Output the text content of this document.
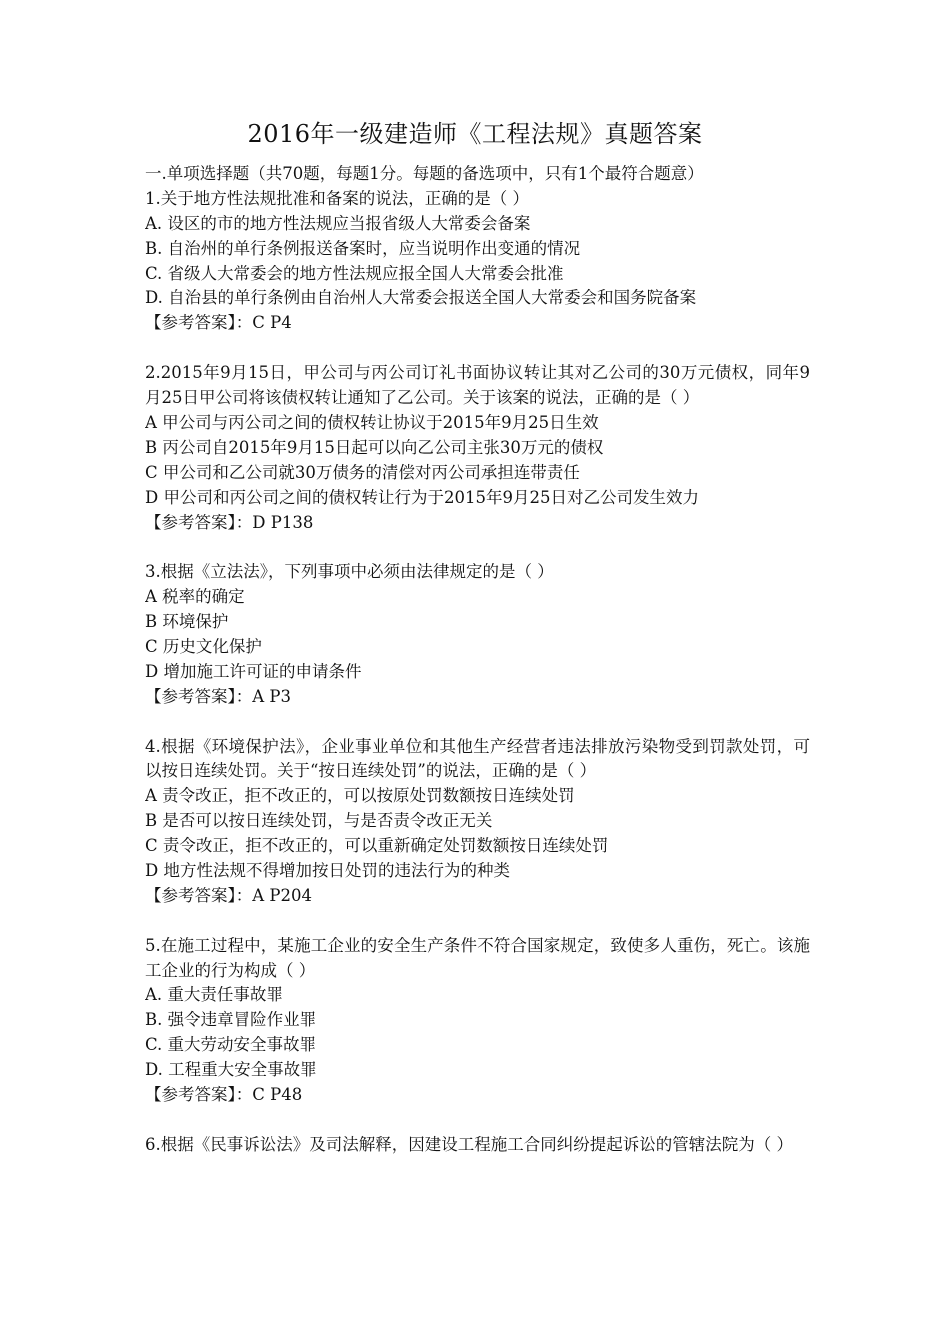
2016年一级建造师《工程法规》真题答案
一.单项选择题（共70题，每题1分。每题的备选项中，只有1个最符合题意）
1.关于地方性法规批准和备案的说法，正确的是（ ）
A. 设区的市的地方性法规应当报省级人大常委会备案
B. 自治州的单行条例报送备案时，应当说明作出变通的情况
C. 省级人大常委会的地方性法规应报全国人大常委会批准
D. 自治县的单行条例由自治州人大常委会报送全国人大常委会和国务院备案
【参考答案】：C P4
2.2015年9月15日，甲公司与丙公司订礼书面协议转让其对乙公司的30万元债权，同年9月25日甲公司将该债权转让通知了乙公司。关于该案的说法，正确的是（ ）
A 甲公司与丙公司之间的债权转让协议于2015年9月25日生效
B 丙公司自2015年9月15日起可以向乙公司主张30万元的债权
C 甲公司和乙公司就30万债务的清偿对丙公司承担连带责任
D 甲公司和丙公司之间的债权转让行为于2015年9月25日对乙公司发生效力
【参考答案】：D P138
3.根据《立法法》，下列事项中必须由法律规定的是（ ）
A 税率的确定
B 环境保护
C 历史文化保护
D 增加施工许可证的申请条件
【参考答案】：A P3
4.根据《环境保护法》，企业事业单位和其他生产经营者违法排放污染物受到罚款处罚，可以按日连续处罚。关于“按日连续处罚”的说法，正确的是（ ）
A 责令改正，拒不改正的，可以按原处罚数额按日连续处罚
B 是否可以按日连续处罚，与是否责令改正无关
C 责令改正，拒不改正的，可以重新确定处罚数额按日连续处罚
D 地方性法规不得增加按日处罚的违法行为的种类
【参考答案】：A P204
5.在施工过程中，某施工企业的安全生产条件不符合国家规定，致使多人重伤，死亡。该施工企业的行为构成（ ）
A. 重大责任事故罪
B. 强令违章冒险作业罪
C. 重大劳动安全事故罪
D. 工程重大安全事故罪
【参考答案】：C P48
6.根据《民事诉讼法》及司法解释，因建设工程施工合同纠纷提起诉讼的管辖法院为（ ）
